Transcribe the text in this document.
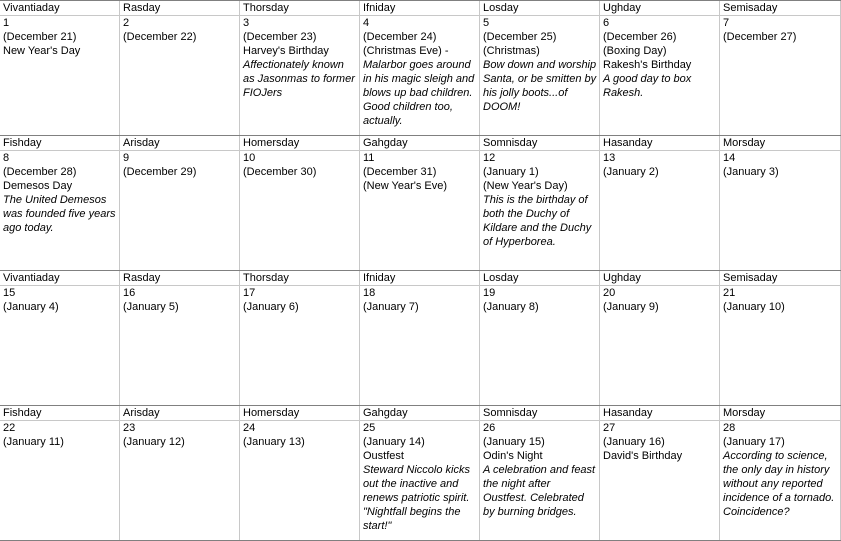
Vivantiaday
1
(December 21)
New Year's Day
Rasday
2
(December 22)
Thorsday
3
(December 23)
Harvey's Birthday
Affectionately known as Jasonmas to former FIOJers
Ifniday
4
(December 24)
(Christmas Eve) -
Malarbor goes around in his magic sleigh and blows up bad children. Good children too, actually.
Losday
5
(December 25)
(Christmas)
Bow down and worship Santa, or be smitten by his jolly boots...of DOOM!
Ughday
6
(December 26)
(Boxing Day)
Rakesh's Birthday
A good day to box Rakesh.
Semisaday
7
(December 27)
Fishday
8
(December 28)
Demesos Day
The United Demesos was founded five years ago today.
Arisday
9
(December 29)
Homersday
10
(December 30)
Gahgday
11
(December 31)
(New Year's Eve)
Somnisday
12
(January 1)
(New Year's Day)
This is the birthday of both the Duchy of Kildare and the Duchy of Hyperborea.
Hasanday
13
(January 2)
Morsday
14
(January 3)
Vivantiaday
15
(January 4)
Rasday
16
(January 5)
Thorsday
17
(January 6)
Ifniday
18
(January 7)
Losday
19
(January 8)
Ughday
20
(January 9)
Semisaday
21
(January 10)
Fishday
22
(January 11)
Arisday
23
(January 12)
Homersday
24
(January 13)
Gahgday
25
(January 14)
Oustfest
Steward Niccolo kicks out the inactive and renews patriotic spirit. "Nightfall begins the start!"
Somnisday
26
(January 15)
Odin's Night
A celebration and feast the night after Oustfest. Celebrated by burning bridges.
Hasanday
27
(January 16)
David's Birthday
Morsday
28
(January 17)
According to science, the only day in history without any reported incidence of a tornado. Coincidence?
